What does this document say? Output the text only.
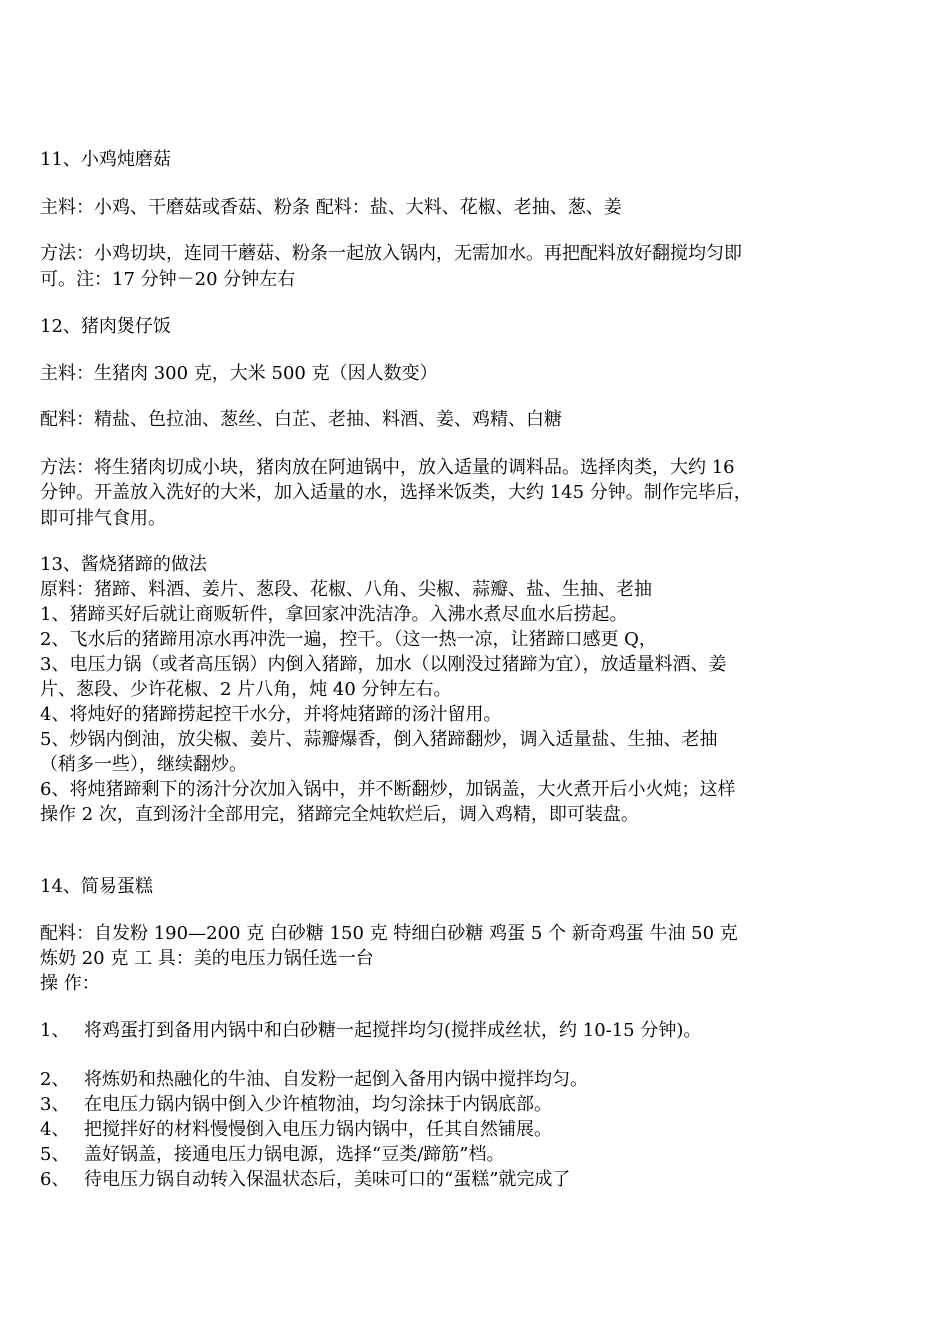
11、小鸡炖磨菇
主料：小鸡、干磨菇或香菇、粉条 配料：盐、大料、花椒、老抽、葱、姜
方法：小鸡切块，连同干蘑菇、粉条一起放入锅内，无需加水。再把配料放好翻搅均匀即
可。注：17 分钟－20 分钟左右
12、猪肉煲仔饭
主料：生猪肉 300 克，大米 500 克（因人数变）
配料：精盐、色拉油、葱丝、白芷、老抽、料酒、姜、鸡精、白糖
方法：将生猪肉切成小块，猪肉放在阿迪锅中，放入适量的调料品。选择肉类，大约 16
分钟。开盖放入洗好的大米，加入适量的水，选择米饭类，大约 145 分钟。制作完毕后，
即可排气食用。
13、酱烧猪蹄的做法
原料：猪蹄、料酒、姜片、葱段、花椒、八角、尖椒、蒜瓣、盐、生抽、老抽
1、猪蹄买好后就让商贩斩件，拿回家冲洗洁净。入沸水煮尽血水后捞起。
2、飞水后的猪蹄用凉水再冲洗一遍，控干。（这一热一凉，让猪蹄口感更 Q，
3、电压力锅（或者高压锅）内倒入猪蹄，加水（以刚没过猪蹄为宜），放适量料酒、姜
片、葱段、少许花椒、2 片八角，炖 40 分钟左右。
4、将炖好的猪蹄捞起控干水分，并将炖猪蹄的汤汁留用。
5、炒锅内倒油，放尖椒、姜片、蒜瓣爆香，倒入猪蹄翻炒，调入适量盐、生抽、老抽
（稍多一些），继续翻炒。
6、将炖猪蹄剩下的汤汁分次加入锅中，并不断翻炒，加锅盖，大火煮开后小火炖；这样
操作 2 次，直到汤汁全部用完，猪蹄完全炖软烂后，调入鸡精，即可装盘。
14、简易蛋糕
配料：自发粉 190—200 克 白砂糖 150 克 特细白砂糖 鸡蛋 5 个 新奇鸡蛋 牛油 50 克
炼奶 20 克 工 具：美的电压力锅任选一台
操 作：
1、 将鸡蛋打到备用内锅中和白砂糖一起搅拌均匀(搅拌成丝状，约 10-15 分钟)。
2、 将炼奶和热融化的牛油、自发粉一起倒入备用内锅中搅拌均匀。
3、 在电压力锅内锅中倒入少许植物油，均匀涂抹于内锅底部。
4、 把搅拌好的材料慢慢倒入电压力锅内锅中，任其自然铺展。
5、 盖好锅盖，接通电压力锅电源，选择“豆类/蹄筋”档。
6、 待电压力锅自动转入保温状态后，美味可口的“蛋糕”就完成了
